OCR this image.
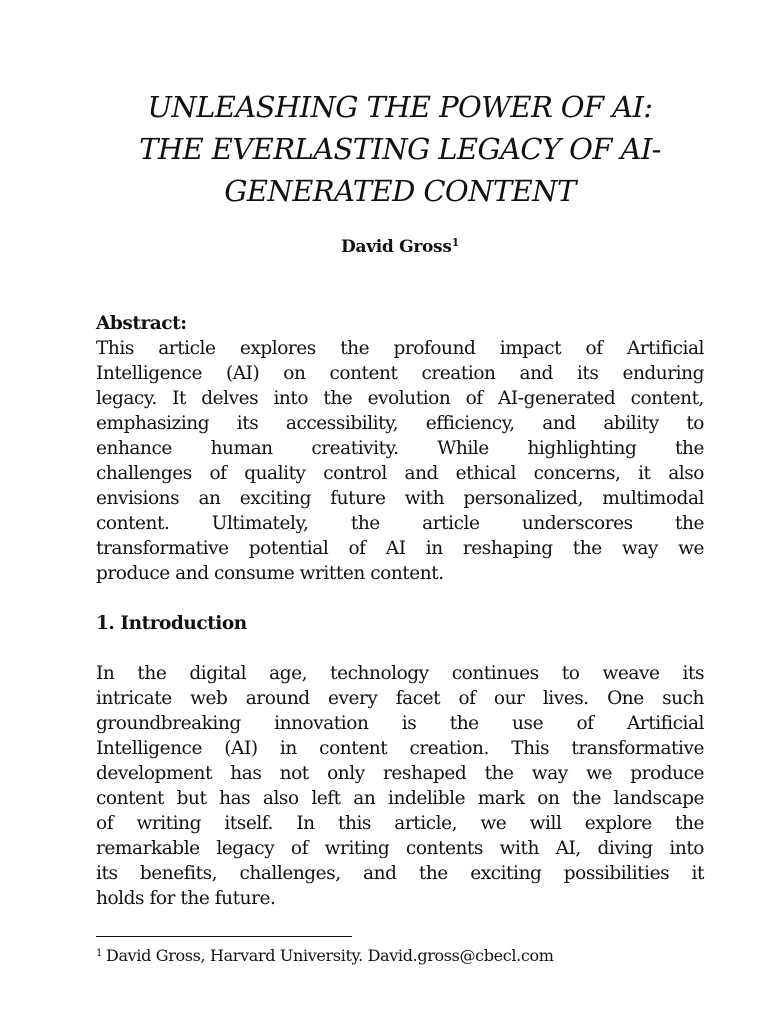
UNLEASHING THE POWER OF AI:
THE EVERLASTING LEGACY OF AI-
GENERATED CONTENT
David Gross$^1$
Abstract:
This article explores the profound impact of Artificial
Intelligence (AI) on content creation and its enduring
legacy. It delves into the evolution of AI-generated content,
emphasizing its accessibility, efficiency, and ability to
enhance human creativity. While highlighting the
challenges of quality control and ethical concerns, it also
envisions an exciting future with personalized, multimodal
content. Ultimately, the article underscores the
transformative potential of AI in reshaping the way we
produce and consume written content.
1. Introduction
In the digital age, technology continues to weave its
intricate web around every facet of our lives. One such
groundbreaking innovation is the use of Artificial
Intelligence (AI) in content creation. This transformative
development has not only reshaped the way we produce
content but has also left an indelible mark on the landscape
of writing itself. In this article, we will explore the
remarkable legacy of writing contents with AI, diving into
its benefits, challenges, and the exciting possibilities it
holds for the future.
$^1$ David Gross, Harvard University. David.gross@cbecl.com
